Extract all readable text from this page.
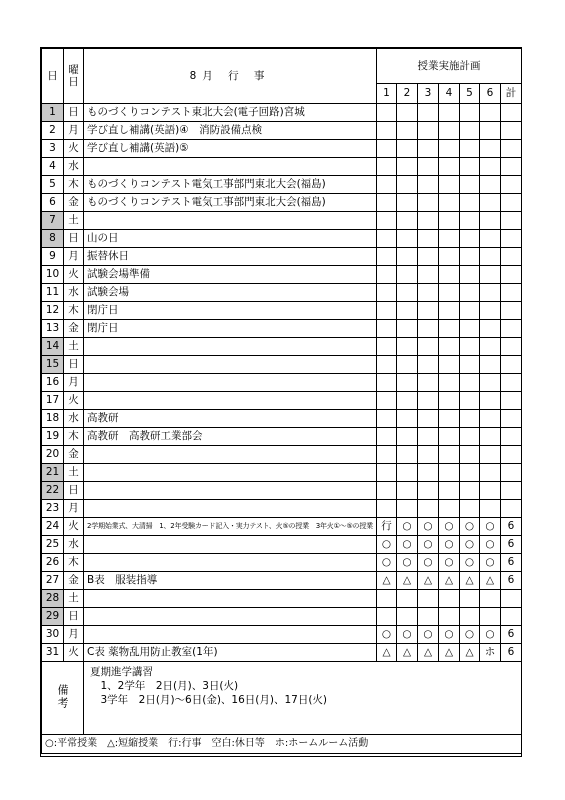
日	曜
日	8月 行 事	授業実施計画						
			1	2	3	4	5	6	計
1	日	ものづくりコンテスト東北大会(電子回路)宮城							
2	月	学び直し補講(英語)④　消防設備点検							
3	火	学び直し補講(英語)⑤							
4	水								
5	木	ものづくりコンテスト電気工事部門東北大会(福島)							
6	金	ものづくりコンテスト電気工事部門東北大会(福島)							
7	土								
8	日	山の日							
9	月	振替休日							
10	火	試験会場準備							
11	水	試験会場							
12	木	閉庁日							
13	金	閉庁日							
14	土								
15	日								
16	月								
17	火								
18	水	高教研							
19	木	高教研　高教研工業部会							
20	金								
21	土								
22	日								
23	月								
24	火	2学期始業式、大清掃　1、2年受験カード記入・実力テスト、火⑤の授業　3年火①～⑤の授業	行	○	○	○	○	○	6
25	水		○	○	○	○	○	○	6
26	木		○	○	○	○	○	○	6
27	金	B表　服装指導	△	△	△	△	△	△	6
28	土								
29	日								
30	月		○	○	○	○	○	○	6
31	火	C表 薬物乱用防止教室(1年)	△	△	△	△	△	ホ	6
備考		夏期進学講習
　1、2学年　2日(月)、3日(火)
　3学年　2日(月)～6日(金)、16日(月)、17日(火)							

○:平常授業　△:短縮授業　行:行事　空白:休日等　ホ:ホームルーム活動									
